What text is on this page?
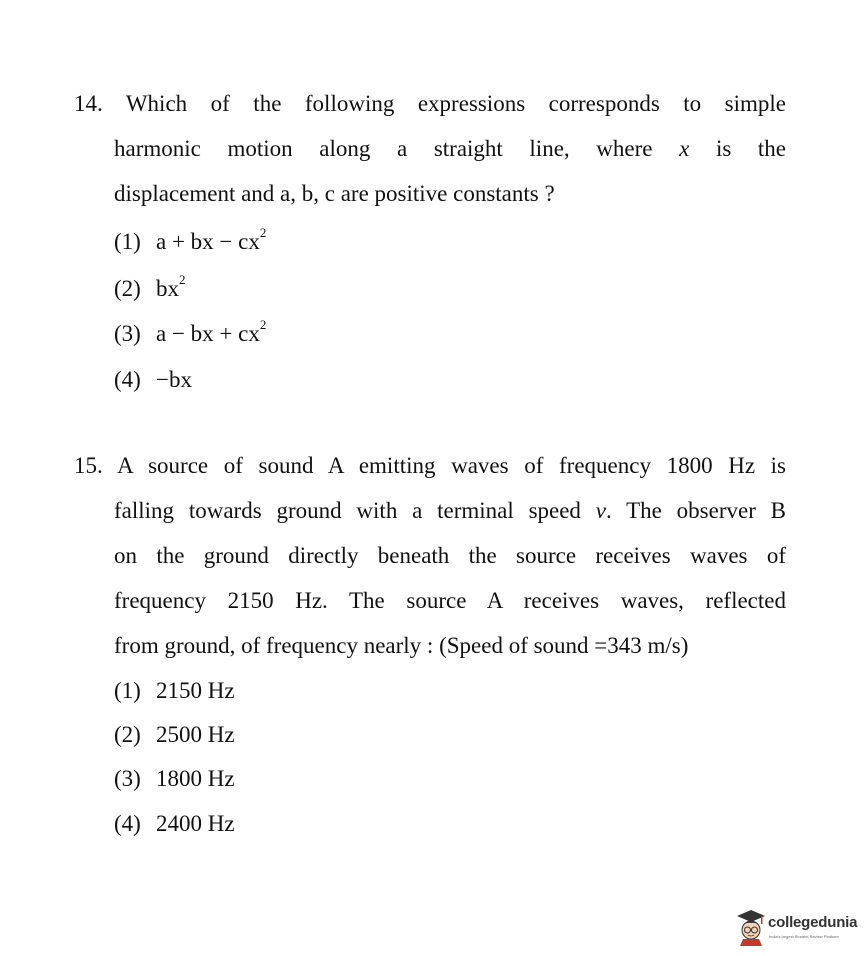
14. Which of the following expressions corresponds to simple
harmonic motion along a straight line, where x is the
displacement and a, b, c are positive constants ?
(1) a + bx − $cx^2$
(2) $bx^2$
(3) a − bx + $cx^2$
(4) −bx
15. A source of sound A emitting waves of frequency 1800 Hz is
falling towards ground with a terminal speed v. The observer B
on the ground directly beneath the source receives waves of
frequency 2150 Hz. The source A receives waves, reflected
from ground, of frequency nearly : (Speed of sound =343 m/s)
(1) 2150 Hz
(2) 2500 Hz
(3) 1800 Hz
(4) 2400 Hz
collegedunia
India's largest Student Review Platform
